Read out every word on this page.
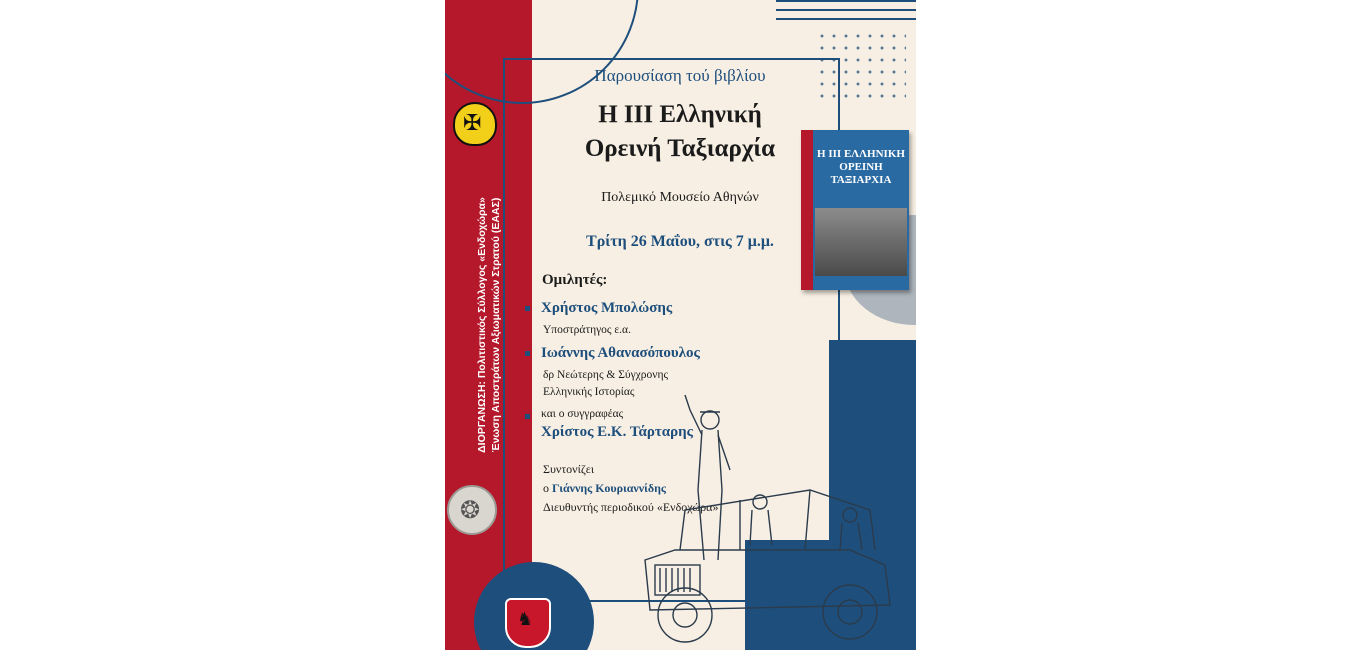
✠
ΔΙΟΡΓΑΝΩΣΗ: Πολιτιστικός Σύλλογος «Ενδοχώρα» Ένωση Αποστράτων Αξιωματικών Στρατού (ΕΑΑΣ)
❂
♞
Παρουσίαση τού βιβλίου
Η ΙΙΙ Ελληνική
Ορεινή Ταξιαρχία
Πολεμικό Μουσείο Αθηνών
Τρίτη 26 Μαΐου, στις 7 μ.μ.
Η ΙΙΙ ΕΛΛΗΝΙΚΗ
ΟΡΕΙΝΗ
ΤΑΞΙΑΡΧΙΑ
Ομιλητές:
Χρήστος Μπολώσης
Υποστράτηγος ε.α.
Ιωάννης Αθανασόπουλος
δρ Νεώτερης & Σύγχρονης
Ελληνικής Ιστορίας
και ο συγγραφέας
Χρίστος Ε.Κ. Τάρταρης
Συντονίζει
ο Γιάννης Κουριαννίδης
Διευθυντής περιοδικού «Ενδοχώρα»
